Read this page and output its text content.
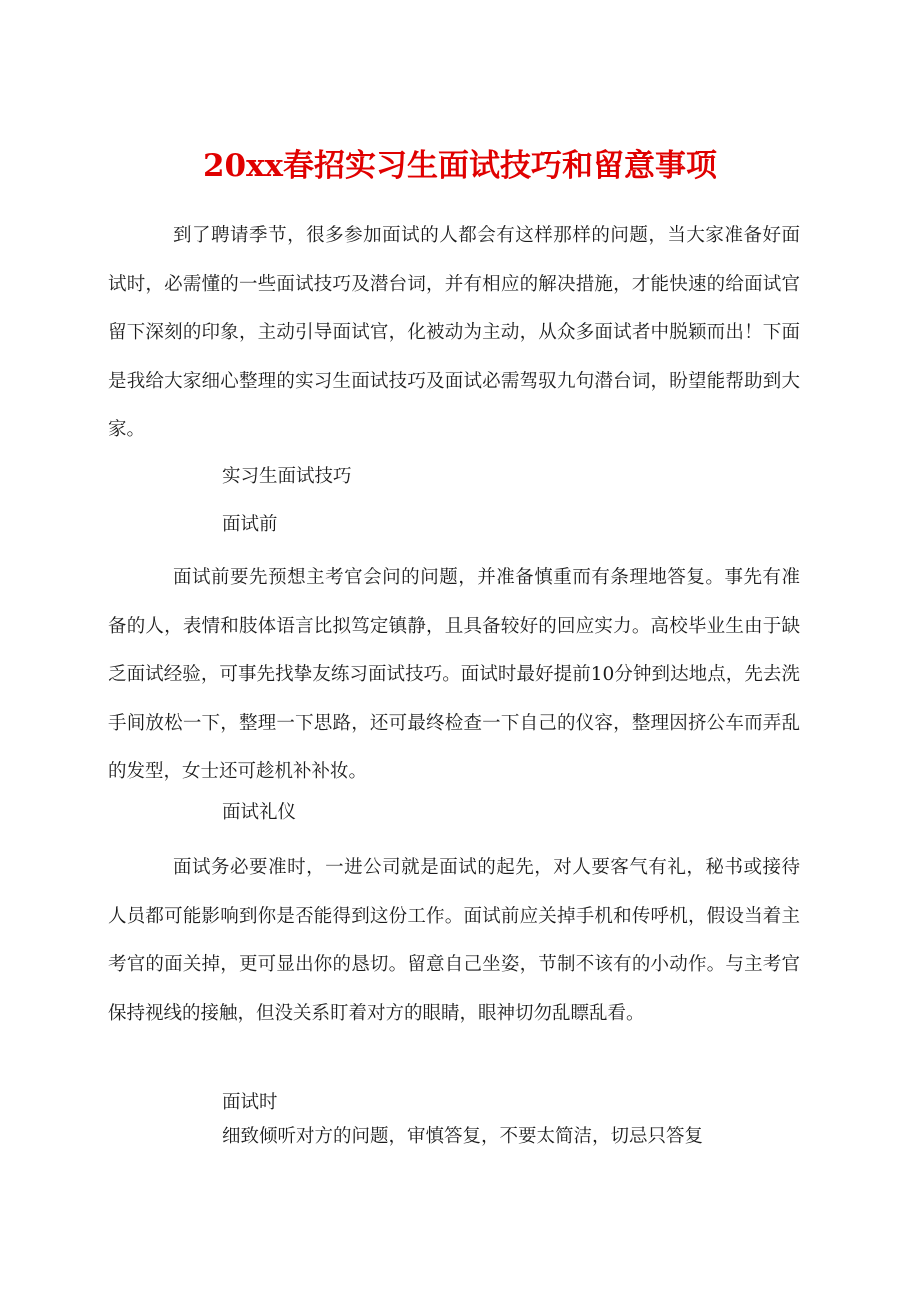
20xx春招实习生面试技巧和留意事项

到了聘请季节，很多参加面试的人都会有这样那样的问题，当大家准备好面试时，必需懂的一些面试技巧及潜台词，并有相应的解决措施，才能快速的给面试官留下深刻的印象，主动引导面试官，化被动为主动，从众多面试者中脱颖而出！下面是我给大家细心整理的实习生面试技巧及面试必需驾驭九句潜台词，盼望能帮助到大家。

实习生面试技巧
面试前

面试前要先预想主考官会问的问题，并准备慎重而有条理地答复。事先有准备的人，表情和肢体语言比拟笃定镇静，且具备较好的回应实力。高校毕业生由于缺乏面试经验，可事先找挚友练习面试技巧。面试时最好提前10分钟到达地点，先去洗手间放松一下，整理一下思路，还可最终检查一下自己的仪容，整理因挤公车而弄乱的发型，女士还可趁机补补妆。

面试礼仪

面试务必要准时，一进公司就是面试的起先，对人要客气有礼，秘书或接待人员都可能影响到你是否能得到这份工作。面试前应关掉手机和传呼机，假设当着主考官的面关掉，更可显出你的恳切。留意自己坐姿，节制不该有的小动作。与主考官保持视线的接触，但没关系盯着对方的眼睛，眼神切勿乱瞟乱看。

面试时

细致倾听对方的问题，审慎答复，不要太简洁，切忌只答复
